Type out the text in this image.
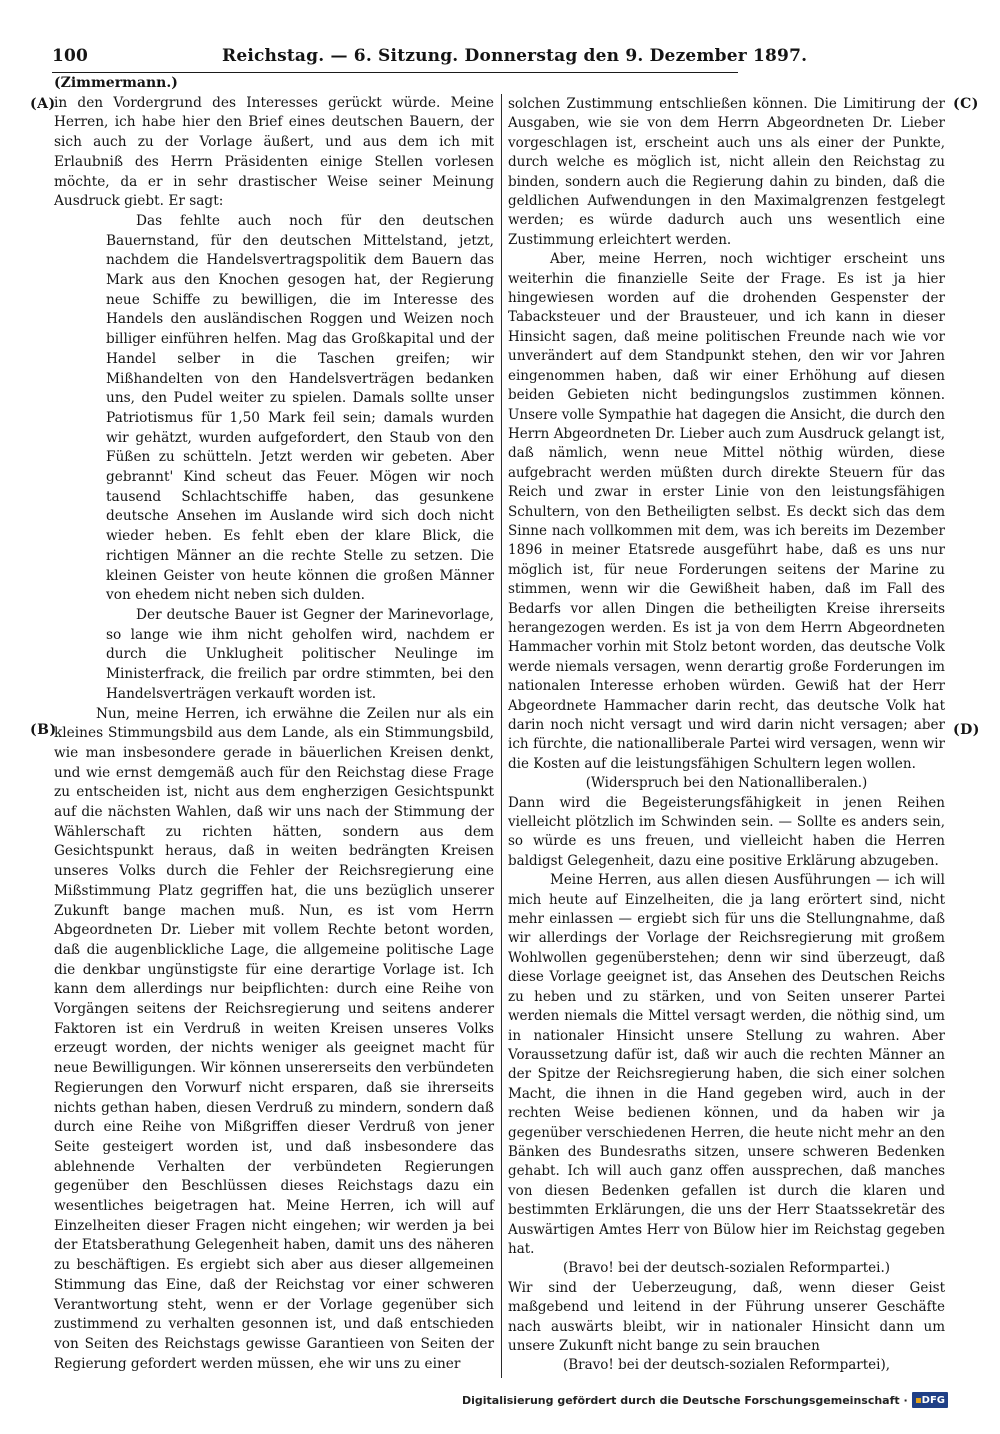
100	Reichstag. — 6. Sitzung. Donnerstag den 9. Dezember 1897.
(A)
(B)
(C)
(D)

(Zimmermann.)

in den Vordergrund des Interesses gerückt würde. Meine Herren, ich habe hier den Brief eines deutschen Bauern, der sich auch zu der Vorlage äußert, und aus dem ich mit Erlaubniß des Herrn Präsidenten einige Stellen vorlesen möchte, da er in sehr drastischer Weise seiner Meinung Ausdruck giebt. Er sagt:

Das fehlte auch noch für den deutschen Bauernstand, für den deutschen Mittelstand, jetzt, nachdem die Handelsvertragspolitik dem Bauern das Mark aus den Knochen gesogen hat, der Regierung neue Schiffe zu bewilligen, die im Interesse des Handels den ausländischen Roggen und Weizen noch billiger einführen helfen. Mag das Großkapital und der Handel selber in die Taschen greifen; wir Mißhandelten von den Handelsverträgen bedanken uns, den Pudel weiter zu spielen. Damals sollte unser Patriotismus für 1,50 Mark feil sein; damals wurden wir gehätzt, wurden aufgefordert, den Staub von den Füßen zu schütteln. Jetzt werden wir gebeten. Aber gebrannt' Kind scheut das Feuer. Mögen wir noch tausend Schlachtschiffe haben, das gesunkene deutsche Ansehen im Auslande wird sich doch nicht wieder heben. Es fehlt eben der klare Blick, die richtigen Männer an die rechte Stelle zu setzen. Die kleinen Geister von heute können die großen Männer von ehedem nicht neben sich dulden.

Der deutsche Bauer ist Gegner der Marinevorlage, so lange wie ihm nicht geholfen wird, nachdem er durch die Unklugheit politischer Neulinge im Ministerfrack, die freilich par ordre stimmten, bei den Handelsverträgen verkauft worden ist.

Nun, meine Herren, ich erwähne die Zeilen nur als ein kleines Stimmungsbild aus dem Lande, als ein Stimmungsbild, wie man insbesondere gerade in bäuerlichen Kreisen denkt, und wie ernst demgemäß auch für den Reichstag diese Frage zu entscheiden ist, nicht aus dem engherzigen Gesichtspunkt auf die nächsten Wahlen, daß wir uns nach der Stimmung der Wählerschaft zu richten hätten, sondern aus dem Gesichtspunkt heraus, daß in weiten bedrängten Kreisen unseres Volks durch die Fehler der Reichsregierung eine Mißstimmung Platz gegriffen hat, die uns bezüglich unserer Zukunft bange machen muß. Nun, es ist vom Herrn Abgeordneten Dr. Lieber mit vollem Rechte betont worden, daß die augenblickliche Lage, die allgemeine politische Lage die denkbar ungünstigste für eine derartige Vorlage ist. Ich kann dem allerdings nur beipflichten: durch eine Reihe von Vorgängen seitens der Reichsregierung und seitens anderer Faktoren ist ein Verdruß in weiten Kreisen unseres Volks erzeugt worden, der nichts weniger als geeignet macht für neue Bewilligungen. Wir können unsererseits den verbündeten Regierungen den Vorwurf nicht ersparen, daß sie ihrerseits nichts gethan haben, diesen Verdruß zu mindern, sondern daß durch eine Reihe von Mißgriffen dieser Verdruß von jener Seite gesteigert worden ist, und daß insbesondere das ablehnende Verhalten der verbündeten Regierungen gegenüber den Beschlüssen dieses Reichstags dazu ein wesentliches beigetragen hat. Meine Herren, ich will auf Einzelheiten dieser Fragen nicht eingehen; wir werden ja bei der Etatsberathung Gelegenheit haben, damit uns des näheren zu beschäftigen. Es ergiebt sich aber aus dieser allgemeinen Stimmung das Eine, daß der Reichstag vor einer schweren Verantwortung steht, wenn er der Vorlage gegenüber sich zustimmend zu verhalten gesonnen ist, und daß entschieden von Seiten des Reichstags gewisse Garantieen von Seiten der Regierung gefordert werden müssen, ehe wir uns zu einer

solchen Zustimmung entschließen können. Die Limitirung der Ausgaben, wie sie von dem Herrn Abgeordneten Dr. Lieber vorgeschlagen ist, erscheint auch uns als einer der Punkte, durch welche es möglich ist, nicht allein den Reichstag zu binden, sondern auch die Regierung dahin zu binden, daß die geldlichen Aufwendungen in den Maximalgrenzen festgelegt werden; es würde dadurch auch uns wesentlich eine Zustimmung erleichtert werden.

Aber, meine Herren, noch wichtiger erscheint uns weiterhin die finanzielle Seite der Frage. Es ist ja hier hingewiesen worden auf die drohenden Gespenster der Tabacksteuer und der Brausteuer, und ich kann in dieser Hinsicht sagen, daß meine politischen Freunde nach wie vor unverändert auf dem Standpunkt stehen, den wir vor Jahren eingenommen haben, daß wir einer Erhöhung auf diesen beiden Gebieten nicht bedingungslos zustimmen können. Unsere volle Sympathie hat dagegen die Ansicht, die durch den Herrn Abgeordneten Dr. Lieber auch zum Ausdruck gelangt ist, daß nämlich, wenn neue Mittel nöthig würden, diese aufgebracht werden müßten durch direkte Steuern für das Reich und zwar in erster Linie von den leistungsfähigen Schultern, von den Betheiligten selbst. Es deckt sich das dem Sinne nach vollkommen mit dem, was ich bereits im Dezember 1896 in meiner Etatsrede ausgeführt habe, daß es uns nur möglich ist, für neue Forderungen seitens der Marine zu stimmen, wenn wir die Gewißheit haben, daß im Fall des Bedarfs vor allen Dingen die betheiligten Kreise ihrerseits herangezogen werden. Es ist ja von dem Herrn Abgeordneten Hammacher vorhin mit Stolz betont worden, das deutsche Volk werde niemals versagen, wenn derartig große Forderungen im nationalen Interesse erhoben würden. Gewiß hat der Herr Abgeordnete Hammacher darin recht, das deutsche Volk hat darin noch nicht versagt und wird darin nicht versagen; aber ich fürchte, die nationalliberale Partei wird versagen, wenn wir die Kosten auf die leistungsfähigen Schultern legen wollen.

(Widerspruch bei den Nationalliberalen.)

Dann wird die Begeisterungsfähigkeit in jenen Reihen vielleicht plötzlich im Schwinden sein. — Sollte es anders sein, so würde es uns freuen, und vielleicht haben die Herren baldigst Gelegenheit, dazu eine positive Erklärung abzugeben.

Meine Herren, aus allen diesen Ausführungen — ich will mich heute auf Einzelheiten, die ja lang erörtert sind, nicht mehr einlassen — ergiebt sich für uns die Stellungnahme, daß wir allerdings der Vorlage der Reichsregierung mit großem Wohlwollen gegenüberstehen; denn wir sind überzeugt, daß diese Vorlage geeignet ist, das Ansehen des Deutschen Reichs zu heben und zu stärken, und von Seiten unserer Partei werden niemals die Mittel versagt werden, die nöthig sind, um in nationaler Hinsicht unsere Stellung zu wahren. Aber Voraussetzung dafür ist, daß wir auch die rechten Männer an der Spitze der Reichsregierung haben, die sich einer solchen Macht, die ihnen in die Hand gegeben wird, auch in der rechten Weise bedienen können, und da haben wir ja gegenüber verschiedenen Herren, die heute nicht mehr an den Bänken des Bundesraths sitzen, unsere schweren Bedenken gehabt. Ich will auch ganz offen aussprechen, daß manches von diesen Bedenken gefallen ist durch die klaren und bestimmten Erklärungen, die uns der Herr Staatssekretär des Auswärtigen Amtes Herr von Bülow hier im Reichstag gegeben hat.

(Bravo! bei der deutsch-sozialen Reformpartei.)

Wir sind der Ueberzeugung, daß, wenn dieser Geist maßgebend und leitend in der Führung unserer Geschäfte nach auswärts bleibt, wir in nationaler Hinsicht dann um unsere Zukunft nicht bange zu sein brauchen

(Bravo! bei der deutsch-sozialen Reformpartei),

Digitalisierung gefördert durch die Deutsche Forschungsgemeinschaft · DFG
